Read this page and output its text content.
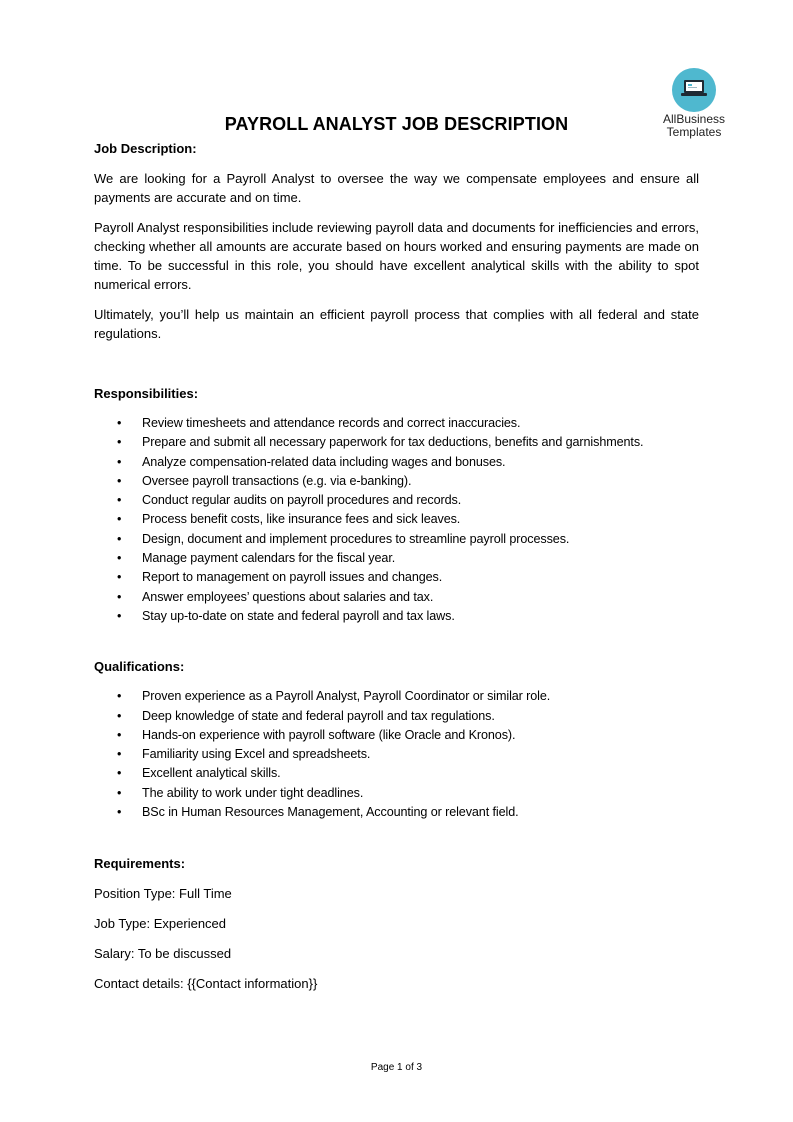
AllBusiness
Templates
PAYROLL ANALYST JOB DESCRIPTION

Job Description:

We are looking for a Payroll Analyst to oversee the way we compensate employees and ensure all payments are accurate and on time.

Payroll Analyst responsibilities include reviewing payroll data and documents for inefficiencies and errors, checking whether all amounts are accurate based on hours worked and ensuring payments are made on time. To be successful in this role, you should have excellent analytical skills with the ability to spot numerical errors.

Ultimately, you’ll help us maintain an efficient payroll process that complies with all federal and state regulations.

Responsibilities:

• Review timesheets and attendance records and correct inaccuracies.
• Prepare and submit all necessary paperwork for tax deductions, benefits and garnishments.
• Analyze compensation-related data including wages and bonuses.
• Oversee payroll transactions (e.g. via e-banking).
• Conduct regular audits on payroll procedures and records.
• Process benefit costs, like insurance fees and sick leaves.
• Design, document and implement procedures to streamline payroll processes.
• Manage payment calendars for the fiscal year.
• Report to management on payroll issues and changes.
• Answer employees’ questions about salaries and tax.
• Stay up-to-date on state and federal payroll and tax laws.

Qualifications:

• Proven experience as a Payroll Analyst, Payroll Coordinator or similar role.
• Deep knowledge of state and federal payroll and tax regulations.
• Hands-on experience with payroll software (like Oracle and Kronos).
• Familiarity using Excel and spreadsheets.
• Excellent analytical skills.
• The ability to work under tight deadlines.
• BSc in Human Resources Management, Accounting or relevant field.

Requirements:

Position Type: Full Time

Job Type: Experienced

Salary: To be discussed

Contact details: {{Contact information}}

Page 1 of 3
